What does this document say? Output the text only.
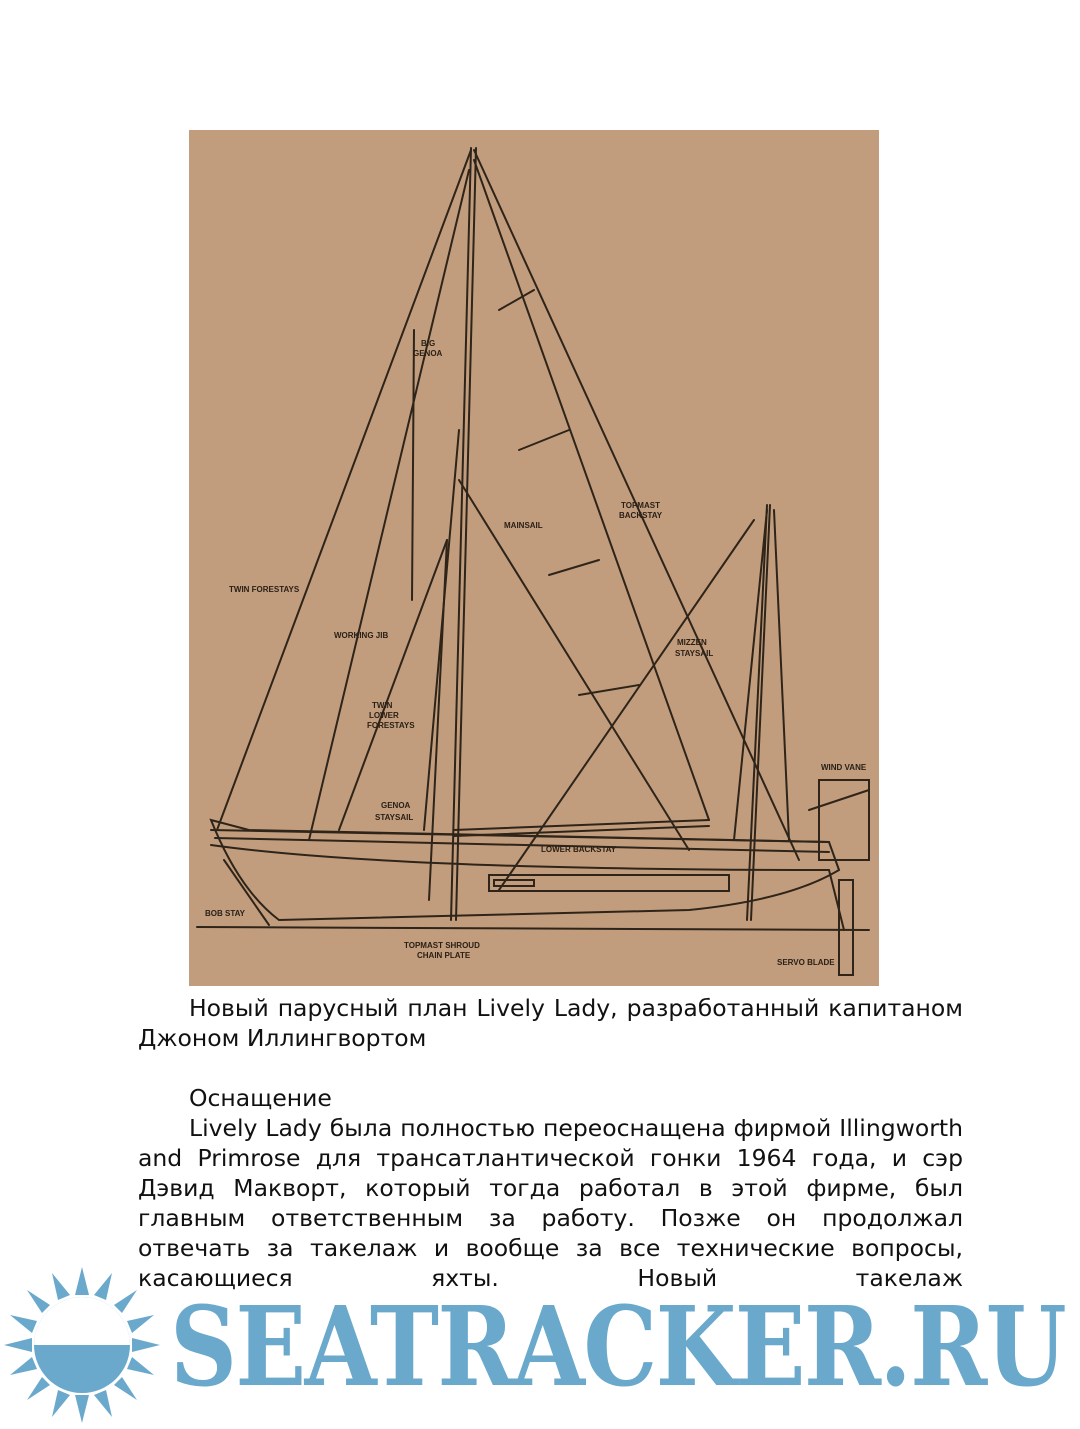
BIG
GENOA
TOPMAST
BACKSTAY
MAINSAIL
TWIN FORESTAYS
WORKING JIB
MIZZEN
STAYSAIL
TWIN
LOWER
FORESTAYS
GENOA
STAYSAIL
WIND VANE
LOWER BACKSTAY
BOB STAY
TOPMAST SHROUD
CHAIN PLATE
SERVO BLADE

Новый парусный план Lively Lady, разработанный капитаном Джоном Иллингвортом

Оснащение

Lively Lady была полностью переоснащена фирмой Illingworth and Primrose для трансатлантической гонки 1964 года, и сэр Дэвид Макворт, который тогда работал в этой фирме, был главным ответственным за работу. Позже он продолжал отвечать за такелаж и вообще за все технические вопросы, касающиеся яхты. Новый такелаж

SEATRACKER.RU
